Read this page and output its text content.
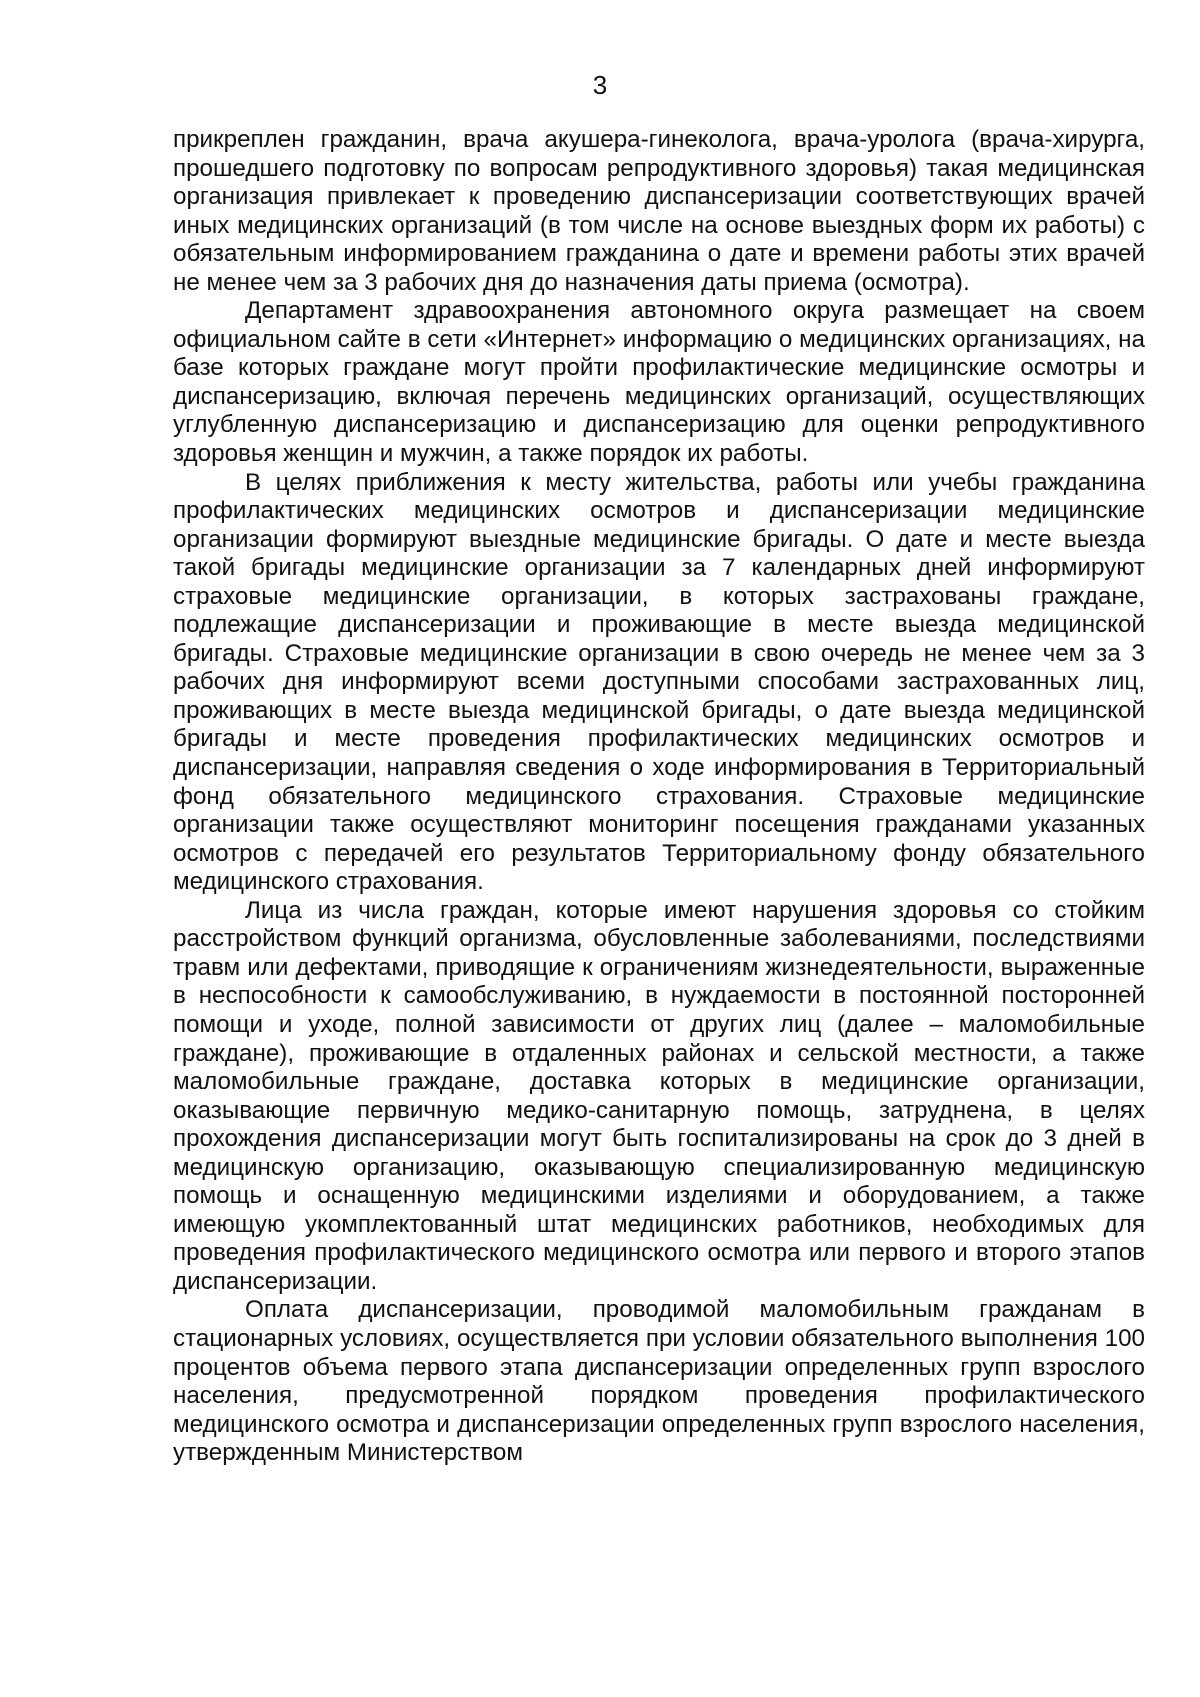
3

прикреплен гражданин, врача акушера-гинеколога, врача-уролога (врача-хирурга, прошедшего подготовку по вопросам репродуктивного здоровья) такая медицинская организация привлекает к проведению диспансеризации соответствующих врачей иных медицинских организаций (в том числе на основе выездных форм их работы) с обязательным информированием гражданина о дате и времени работы этих врачей не менее чем за 3 рабочих дня до назначения даты приема (осмотра).

Департамент здравоохранения автономного округа размещает на своем официальном сайте в сети «Интернет» информацию о медицинских организациях, на базе которых граждане могут пройти профилактические медицинские осмотры и диспансеризацию, включая перечень медицинских организаций, осуществляющих углубленную диспансеризацию и диспансеризацию для оценки репродуктивного здоровья женщин и мужчин, а также порядок их работы.

В целях приближения к месту жительства, работы или учебы гражданина профилактических медицинских осмотров и диспансеризации медицинские организации формируют выездные медицинские бригады. О дате и месте выезда такой бригады медицинские организации за 7 календарных дней информируют страховые медицинские организации, в которых застрахованы граждане, подлежащие диспансеризации и проживающие в месте выезда медицинской бригады. Страховые медицинские организации в свою очередь не менее чем за 3 рабочих дня информируют всеми доступными способами застрахованных лиц, проживающих в месте выезда медицинской бригады, о дате выезда медицинской бригады и месте проведения профилактических медицинских осмотров и диспансеризации, направляя сведения о ходе информирования в Территориальный фонд обязательного медицинского страхования. Страховые медицинские организации также осуществляют мониторинг посещения гражданами указанных осмотров с передачей его результатов Территориальному фонду обязательного медицинского страхования.

Лица из числа граждан, которые имеют нарушения здоровья со стойким расстройством функций организма, обусловленные заболеваниями, последствиями травм или дефектами, приводящие к ограничениям жизнедеятельности, выраженные в неспособности к самообслуживанию, в нуждаемости в постоянной посторонней помощи и уходе, полной зависимости от других лиц (далее – маломобильные граждане), проживающие в отдаленных районах и сельской местности, а также маломобильные граждане, доставка которых в медицинские организации, оказывающие первичную медико-санитарную помощь, затруднена, в целях прохождения диспансеризации могут быть госпитализированы на срок до 3 дней в медицинскую организацию, оказывающую специализированную медицинскую помощь и оснащенную медицинскими изделиями и оборудованием, а также имеющую укомплектованный штат медицинских работников, необходимых для проведения профилактического медицинского осмотра или первого и второго этапов диспансеризации.

Оплата диспансеризации, проводимой маломобильным гражданам в стационарных условиях, осуществляется при условии обязательного выполнения 100 процентов объема первого этапа диспансеризации определенных групп взрослого населения, предусмотренной порядком проведения профилактического медицинского осмотра и диспансеризации определенных групп взрослого населения, утвержденным Министерством
